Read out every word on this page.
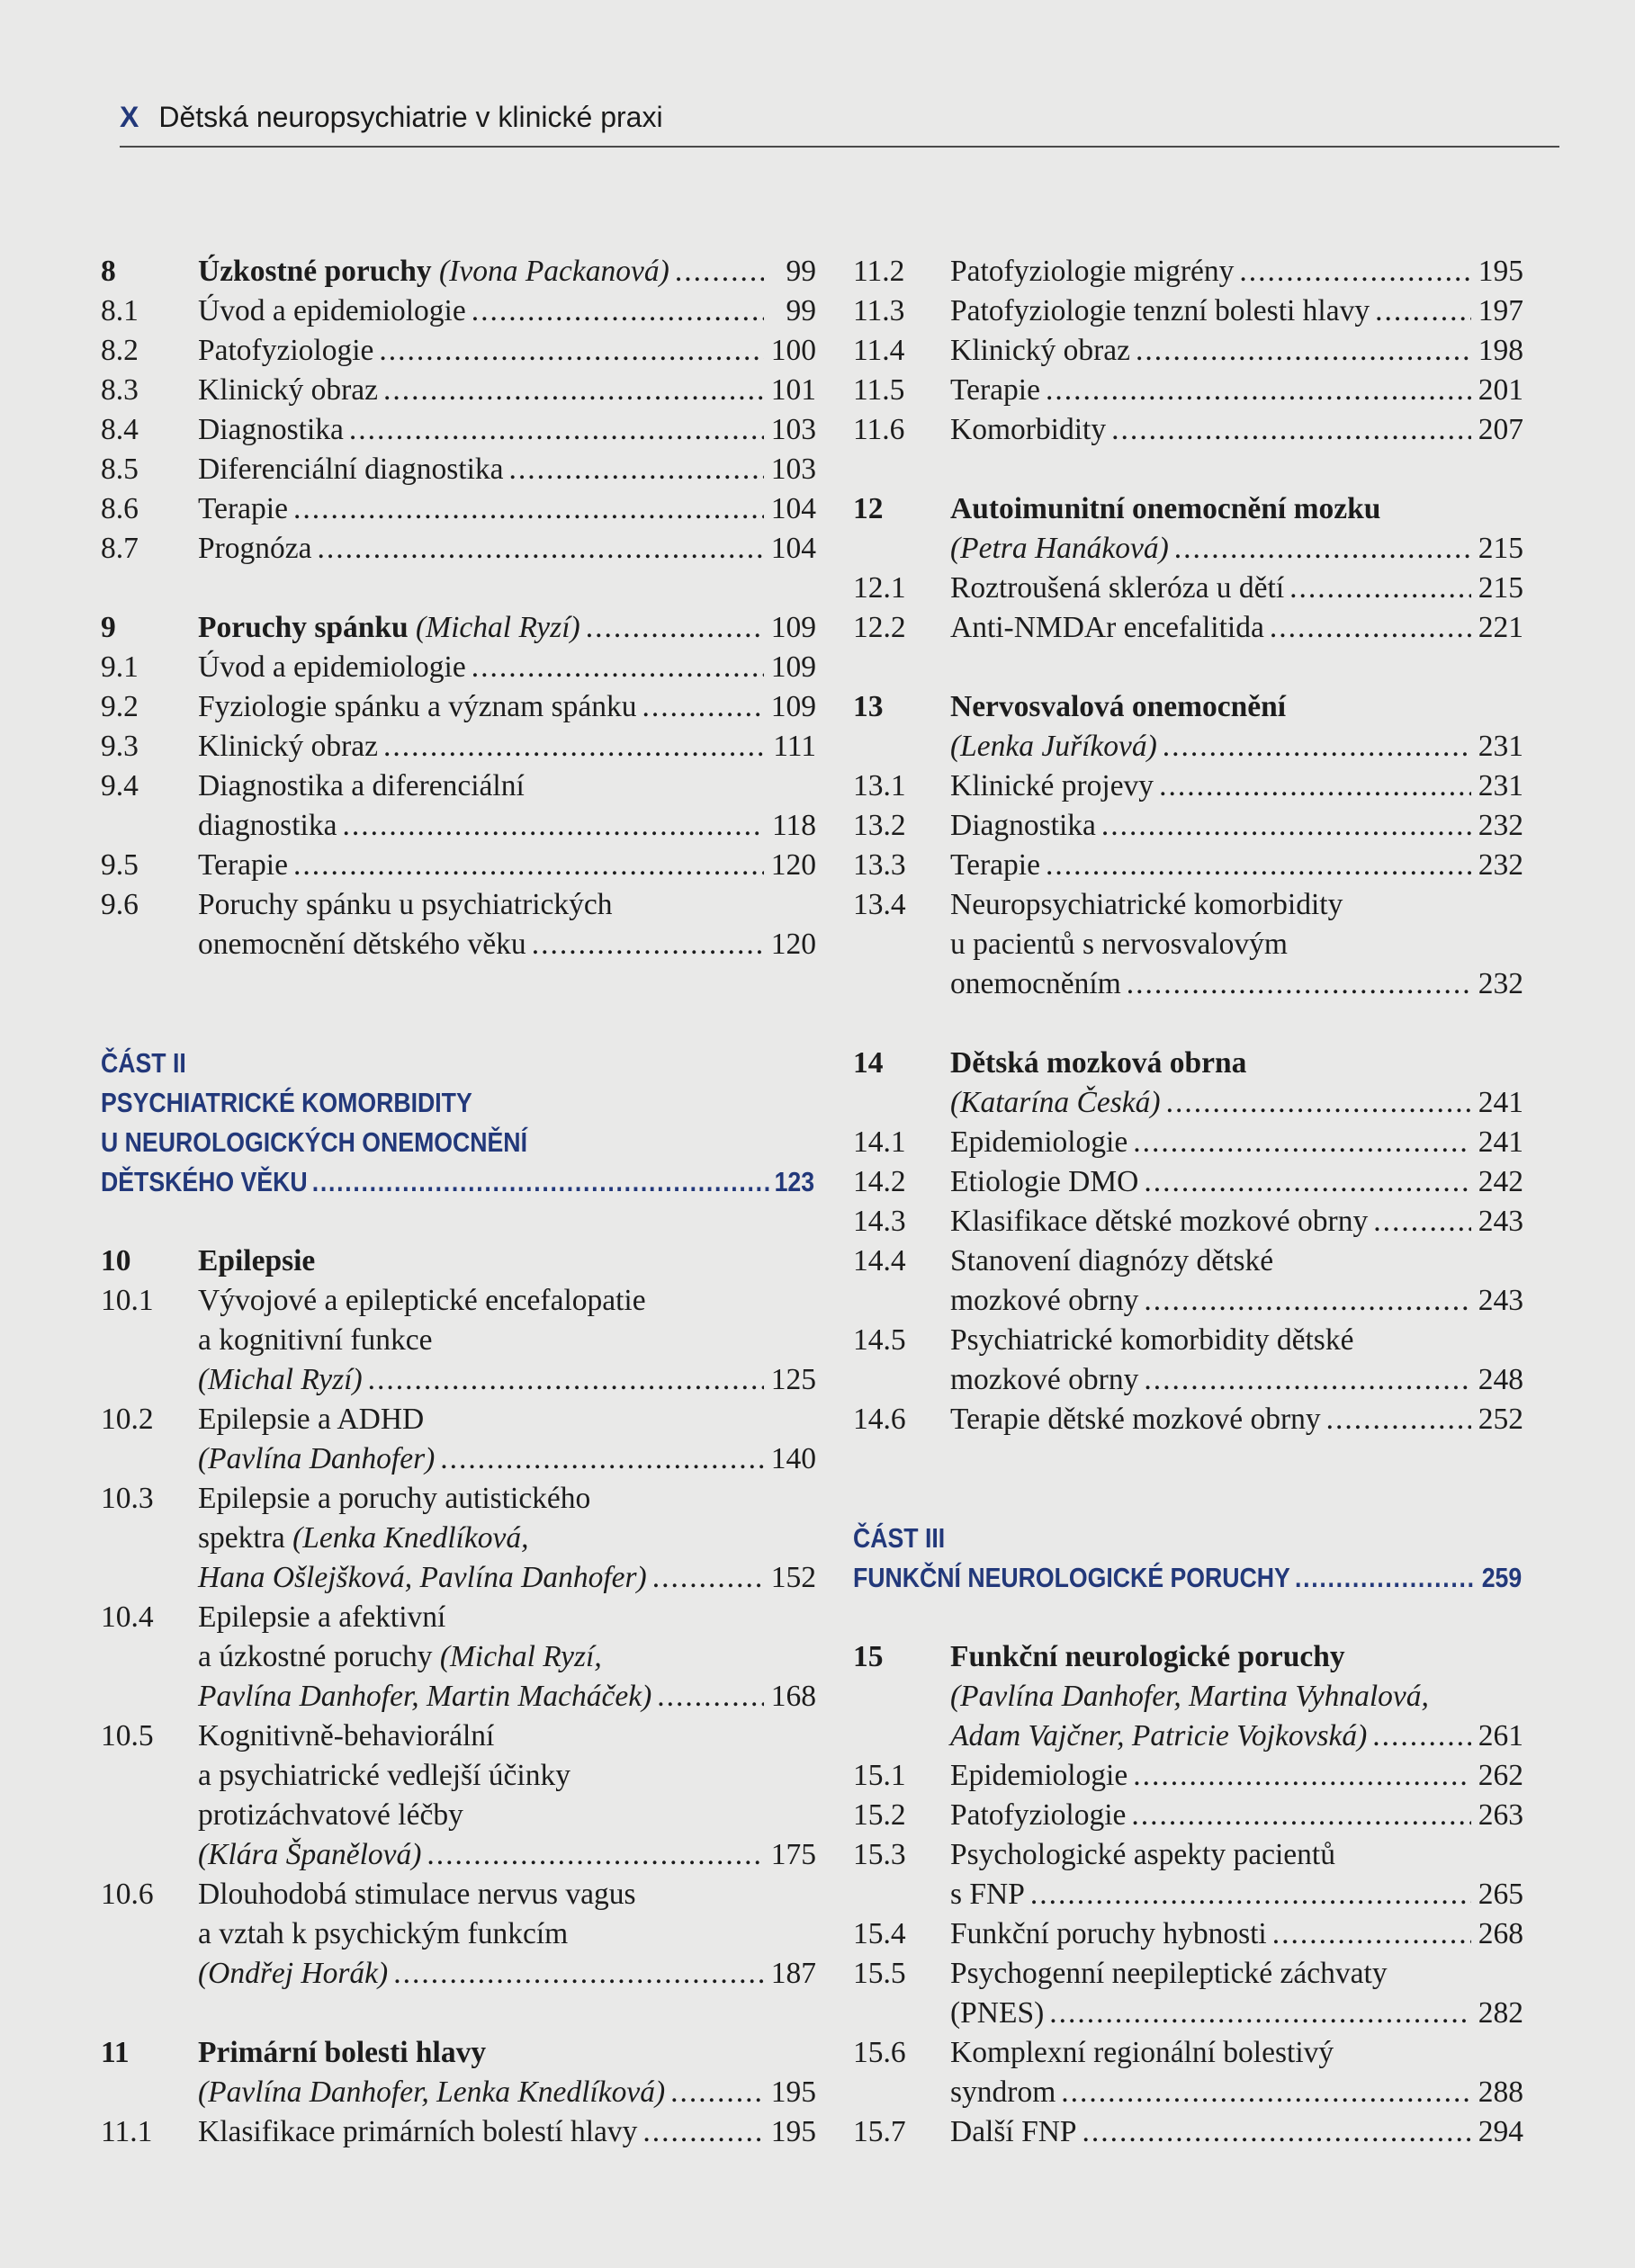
X Dětská neuropsychiatrie v klinické praxi
8	Úzkostné poruchy (Ivona Packanová) .....	99
8.1	Úvod a epidemiologie .....	99
8.2	Patofyziologie .....	100
8.3	Klinický obraz .....	101
8.4	Diagnostika .....	103
8.5	Diferenciální diagnostika .....	103
8.6	Terapie .....	104
8.7	Prognóza .....	104
9	Poruchy spánku (Michal Ryzí) .....	109
9.1	Úvod a epidemiologie .....	109
9.2	Fyziologie spánku a význam spánku .....	109
9.3	Klinický obraz .....	111
9.4	Diagnostika a diferenciální
diagnostika .....	118
9.5	Terapie .....	120
9.6	Poruchy spánku u psychiatrických
onemocnění dětského věku .....	120
ČÁST II
PSYCHIATRICKÉ KOMORBIDITY
U NEUROLOGICKÝCH ONEMOCNĚNÍ
DĚTSKÉHO VĚKU .....	123
10	Epilepsie
10.1	Vývojové a epileptické encefalopatie
a kognitivní funkce
(Michal Ryzí) .....	125
10.2	Epilepsie a ADHD
(Pavlína Danhofer) .....	140
10.3	Epilepsie a poruchy autistického
spektra (Lenka Knedlíková,
Hana Ošlejšková, Pavlína Danhofer) .....	152
10.4	Epilepsie a afektivní
a úzkostné poruchy (Michal Ryzí,
Pavlína Danhofer, Martin Macháček) .....	168
10.5	Kognitivně-behaviorální
a psychiatrické vedlejší účinky
protizáchvatové léčby
(Klára Španělová) .....	175
10.6	Dlouhodobá stimulace nervus vagus
a vztah k psychickým funkcím
(Ondřej Horák) .....	187
11	Primární bolesti hlavy
(Pavlína Danhofer, Lenka Knedlíková) .....	195
11.1	Klasifikace primárních bolestí hlavy .....	195
11.2	Patofyziologie migrény .....	195
11.3	Patofyziologie tenzní bolesti hlavy .....	197
11.4	Klinický obraz .....	198
11.5	Terapie .....	201
11.6	Komorbidity .....	207
12	Autoimunitní onemocnění mozku
(Petra Hanáková) .....	215
12.1	Roztroušená skleróza u dětí .....	215
12.2	Anti-NMDAr encefalitida .....	221
13	Nervosvalová onemocnění
(Lenka Juříková) .....	231
13.1	Klinické projevy .....	231
13.2	Diagnostika .....	232
13.3	Terapie .....	232
13.4	Neuropsychiatrické komorbidity
u pacientů s nervosvalovým
onemocněním .....	232
14	Dětská mozková obrna
(Katarína Česká) .....	241
14.1	Epidemiologie .....	241
14.2	Etiologie DMO .....	242
14.3	Klasifikace dětské mozkové obrny .....	243
14.4	Stanovení diagnózy dětské
mozkové obrny .....	243
14.5	Psychiatrické komorbidity dětské
mozkové obrny .....	248
14.6	Terapie dětské mozkové obrny .....	252
ČÁST III
FUNKČNÍ NEUROLOGICKÉ PORUCHY .....	259
15	Funkční neurologické poruchy
(Pavlína Danhofer, Martina Vyhnalová,
Adam Vajčner, Patricie Vojkovská) .....	261
15.1	Epidemiologie .....	262
15.2	Patofyziologie .....	263
15.3	Psychologické aspekty pacientů
s FNP .....	265
15.4	Funkční poruchy hybnosti .....	268
15.5	Psychogenní neepileptické záchvaty
(PNES) .....	282
15.6	Komplexní regionální bolestivý
syndrom .....	288
15.7	Další FNP .....	294
